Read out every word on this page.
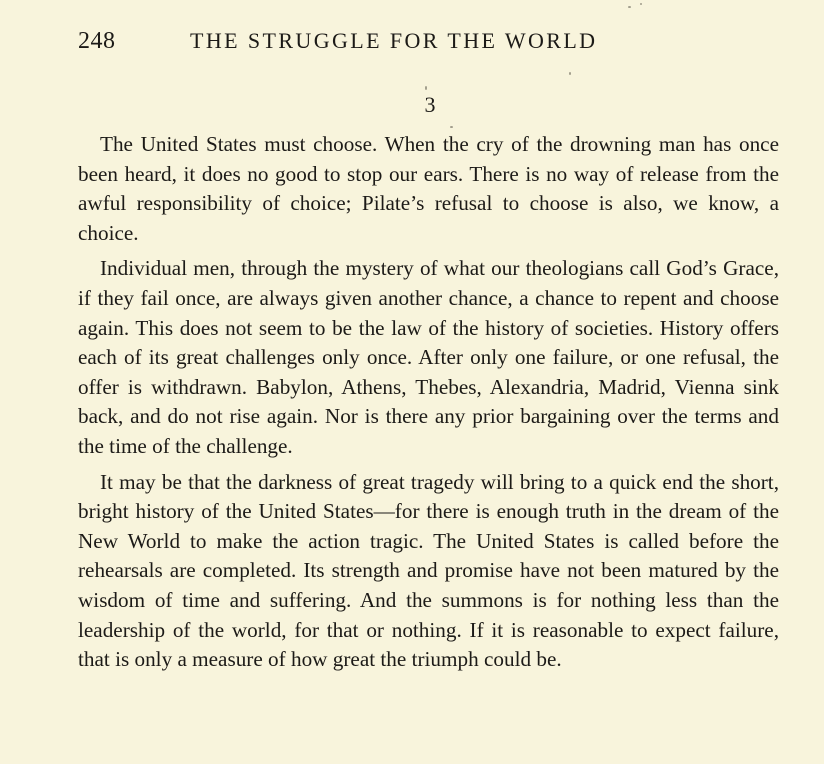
248	THE STRUGGLE FOR THE WORLD
3

The United States must choose. When the cry of the drowning man has once been heard, it does no good to stop our ears. There is no way of release from the awful responsibility of choice; Pilate’s refusal to choose is also, we know, a choice.

Individual men, through the mystery of what our theologians call God’s Grace, if they fail once, are always given another chance, a chance to repent and choose again. This does not seem to be the law of the history of societies. History offers each of its great challenges only once. After only one failure, or one refusal, the offer is withdrawn. Babylon, Athens, Thebes, Alexandria, Madrid, Vienna sink back, and do not rise again. Nor is there any prior bargaining over the terms and the time of the challenge.

It may be that the darkness of great tragedy will bring to a quick end the short, bright history of the United States—for there is enough truth in the dream of the New World to make the action tragic. The United States is called before the rehearsals are completed. Its strength and promise have not been matured by the wisdom of time and suffering. And the summons is for nothing less than the leadership of the world, for that or nothing. If it is reasonable to expect failure, that is only a measure of how great the triumph could be.
